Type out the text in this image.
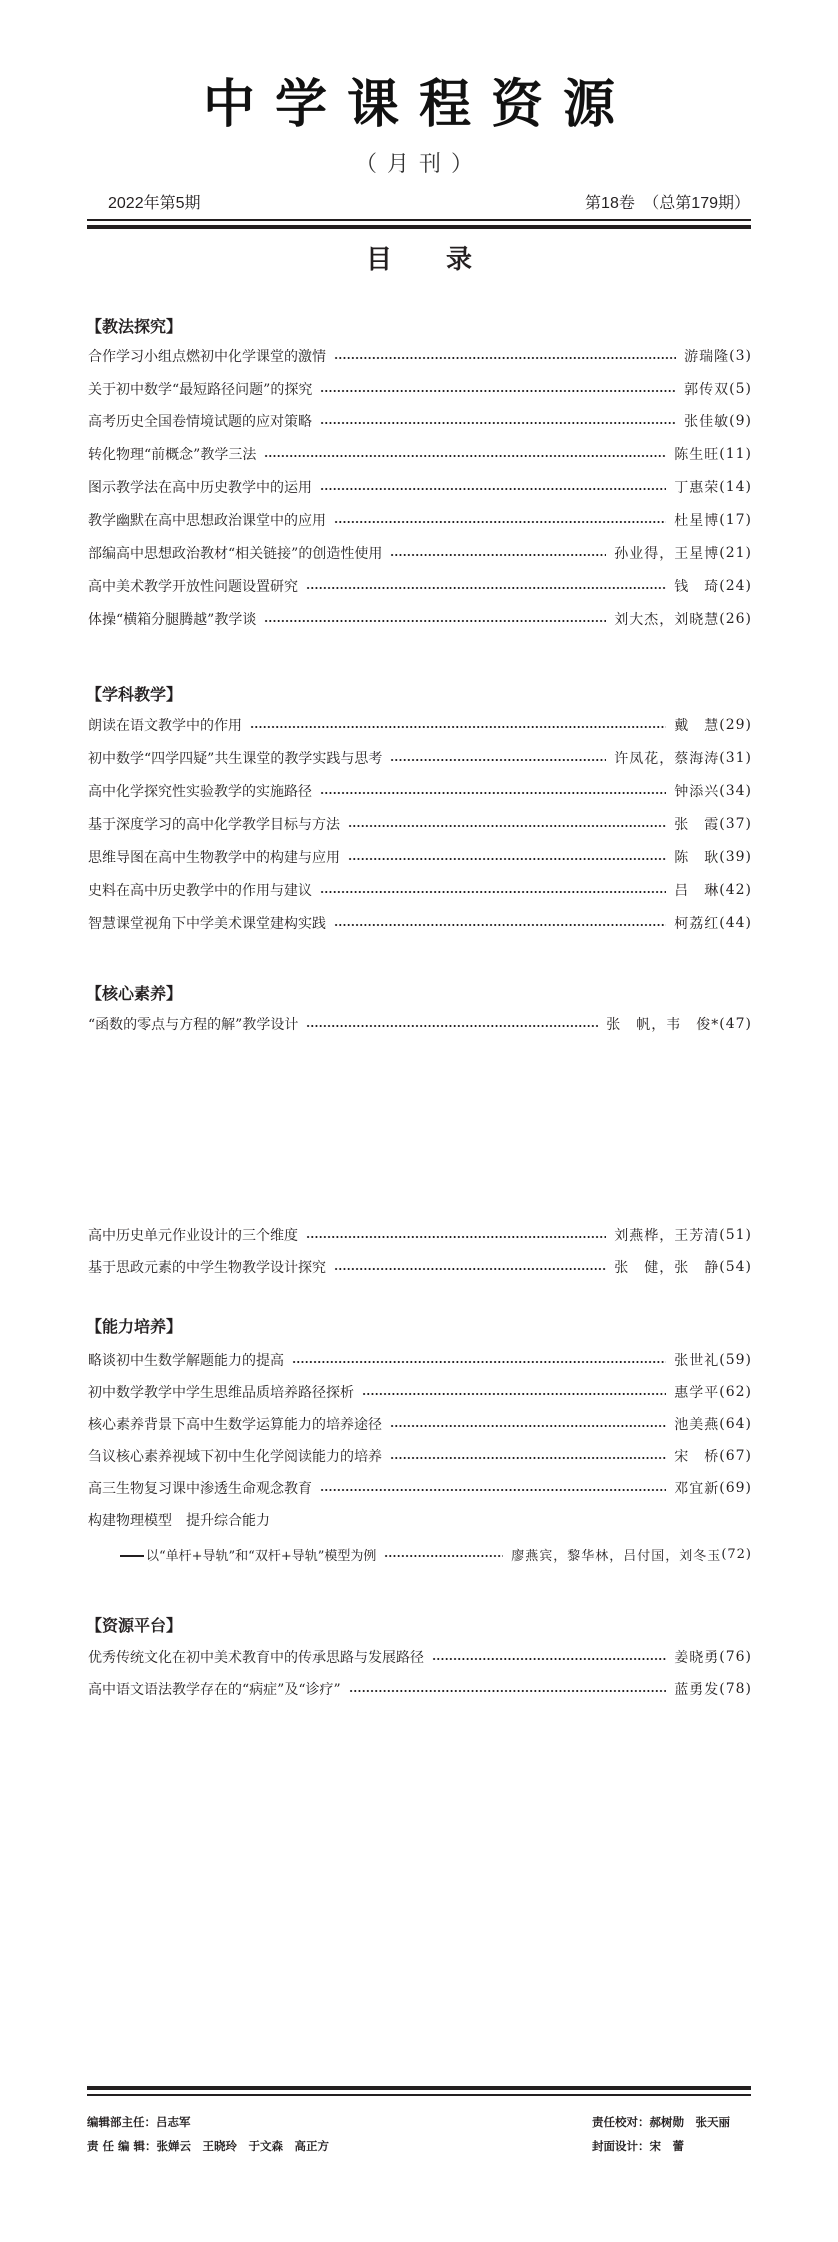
中学课程资源
（月刊）
2022年第5期	第18卷 （总第179期）
目录
【教法探究】
合作学习小组点燃初中化学课堂的激情	游瑞隆 (3)
关于初中数学“最短路径问题”的探究	郭传双 (5)
高考历史全国卷情境试题的应对策略	张佳敏 (9)
转化物理“前概念”教学三法	陈生旺 (11)
图示教学法在高中历史教学中的运用	丁惠荣 (14)
教学幽默在高中思想政治课堂中的应用	杜星博 (17)
部编高中思想政治教材“相关链接”的创造性使用	孙业得，王星博 (21)
高中美术教学开放性问题设置研究	钱　琦 (24)
体操“横箱分腿腾越”教学谈	刘大杰，刘晓慧 (26)
【学科教学】
朗读在语文教学中的作用	戴　慧 (29)
初中数学“四学四疑”共生课堂的教学实践与思考	许凤花，蔡海涛 (31)
高中化学探究性实验教学的实施路径	钟添兴 (34)
基于深度学习的高中化学教学目标与方法	张　霞 (37)
思维导图在高中生物教学中的构建与应用	陈　耿 (39)
史料在高中历史教学中的作用与建议	吕　琳 (42)
智慧课堂视角下中学美术课堂建构实践	柯荔红 (44)
【核心素养】
“函数的零点与方程的解”教学设计	张　帆，韦　俊* (47)
高中历史单元作业设计的三个维度	刘燕桦，王芳清 (51)
基于思政元素的中学生物教学设计探究	张　健，张　静 (54)
【能力培养】
略谈初中生数学解题能力的提高	张世礼 (59)
初中数学教学中学生思维品质培养路径探析	惠学平 (62)
核心素养背景下高中生数学运算能力的培养途径	池美燕 (64)
刍议核心素养视域下初中生化学阅读能力的培养	宋　桥 (67)
高三生物复习课中渗透生命观念教育	邓宜新 (69)
构建物理模型　提升综合能力
以“单杆+导轨”和“双杆+导轨”模型为例	廖燕宾，黎华林，吕付国，刘冬玉 (72)
【资源平台】
优秀传统文化在初中美术教育中的传承思路与发展路径	姜晓勇 (76)
高中语文语法教学存在的“病症”及“诊疗”	蓝勇发 (78)
编辑部主任：吕志军
责 任 编 辑：张婵云　王晓玲　于文森　高正方
责任校对：郝树勋　张天丽
封面设计：宋　蕾
